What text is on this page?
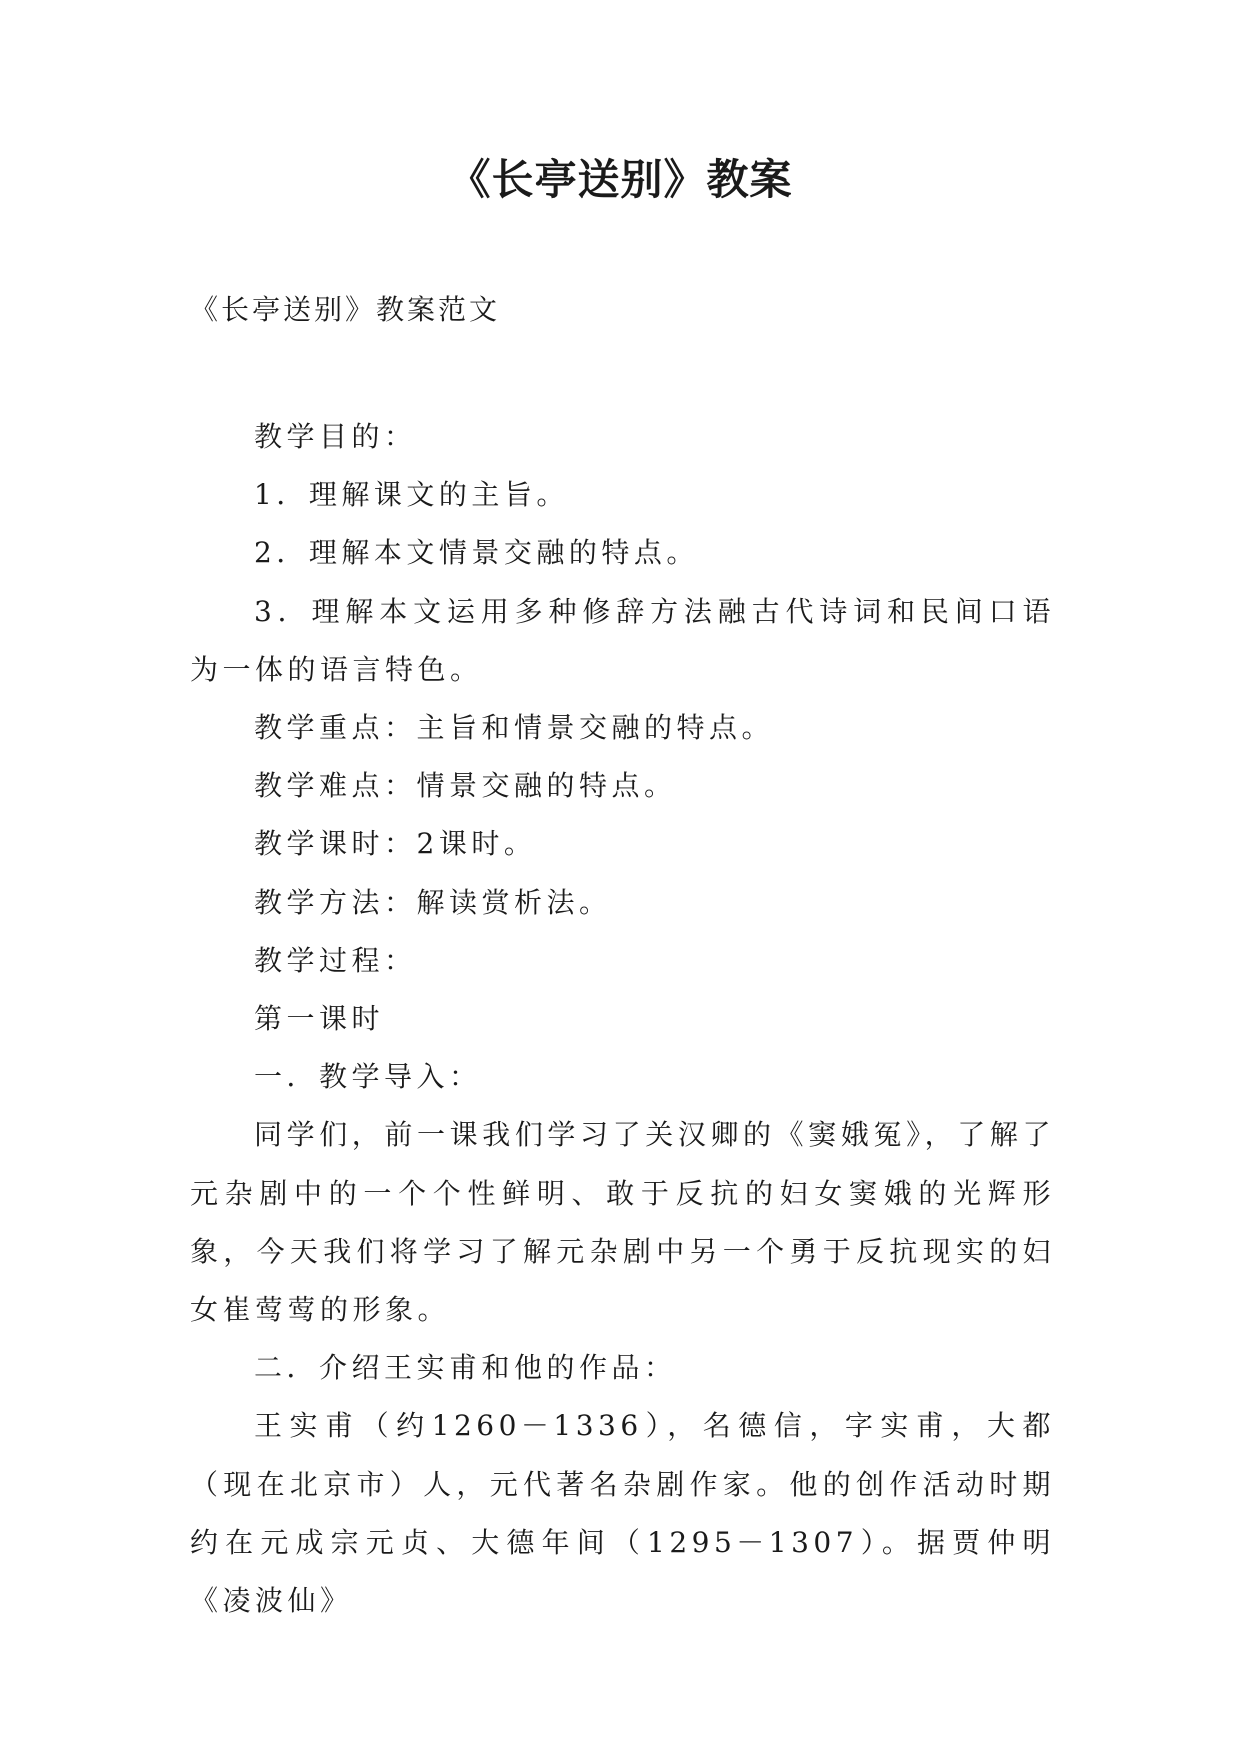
《长亭送别》教案
《长亭送别》教案范文

教学目的：

1．理解课文的主旨。

2．理解本文情景交融的特点。

3．理解本文运用多种修辞方法融古代诗词和民间口语为一体的语言特色。

教学重点：主旨和情景交融的特点。

教学难点：情景交融的特点。

教学课时：2课时。

教学方法：解读赏析法。

教学过程：

第一课时

一．教学导入：

同学们，前一课我们学习了关汉卿的《窦娥冤》，了解了元杂剧中的一个个性鲜明、敢于反抗的妇女窦娥的光辉形象，今天我们将学习了解元杂剧中另一个勇于反抗现实的妇女崔莺莺的形象。

二．介绍王实甫和他的作品：

王实甫（约1260－1336），名德信，字实甫，大都（现在北京市）人，元代著名杂剧作家。他的创作活动时期约在元成宗元贞、大德年间（1295－1307）。据贾仲明《凌波仙》
